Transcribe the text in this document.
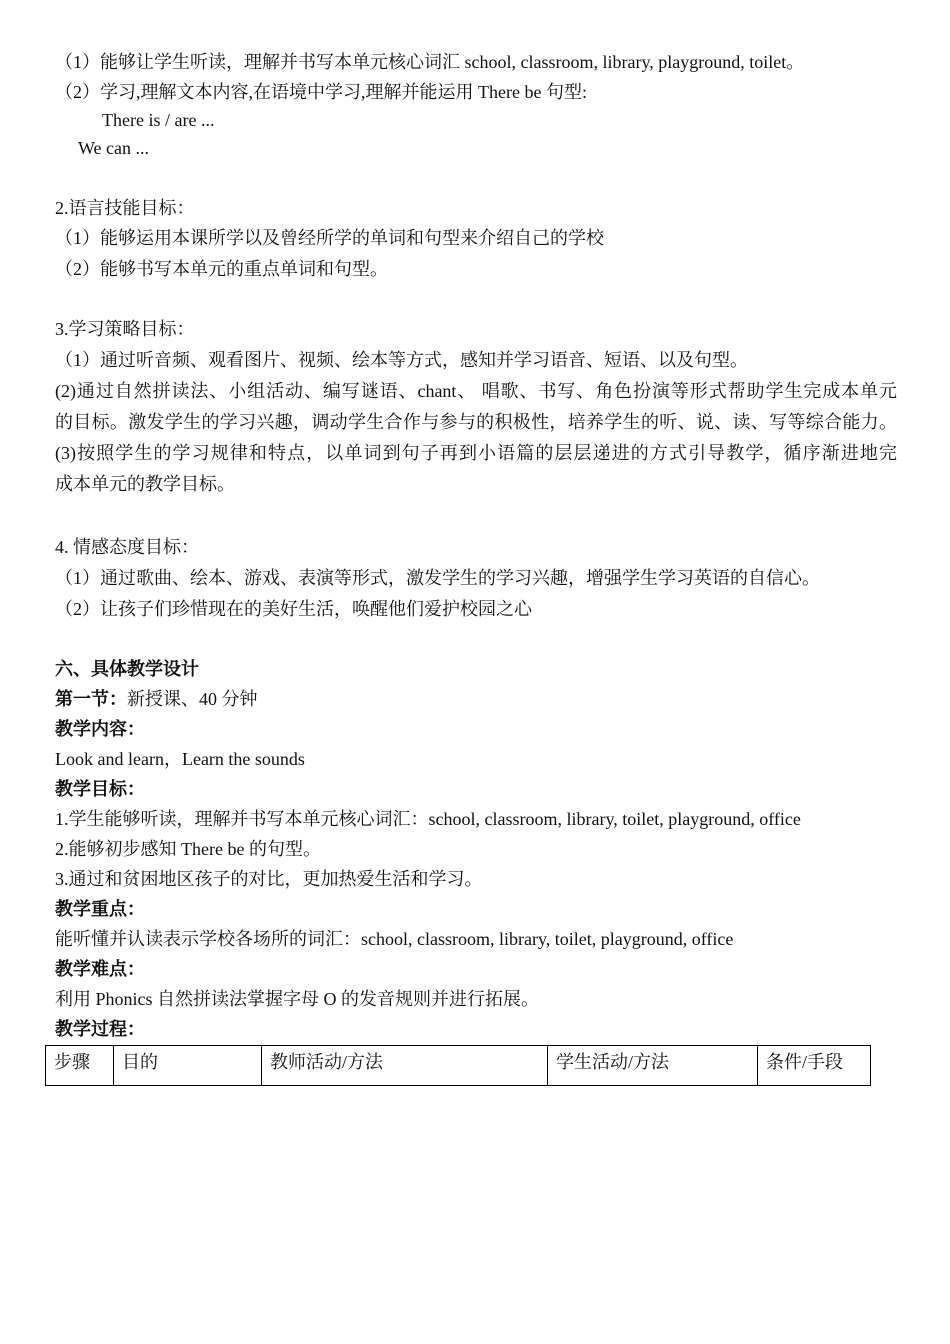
（1）能够让学生听读，理解并书写本单元核心词汇 school, classroom, library, playground, toilet。
（2）学习,理解文本内容,在语境中学习,理解并能运用 There be 句型:
There is / are ...
We can ...
2.语言技能目标：
（1）能够运用本课所学以及曾经所学的单词和句型来介绍自己的学校
（2）能够书写本单元的重点单词和句型。
3.学习策略目标：
（1）通过听音频、观看图片、视频、绘本等方式，感知并学习语音、短语、以及句型。
(2)通过自然拼读法、小组活动、编写谜语、chant、 唱歌、书写、角色扮演等形式帮助学生完成本单元
的目标。激发学生的学习兴趣，调动学生合作与参与的积极性，培养学生的听、说、读、写等综合能力。
(3)按照学生的学习规律和特点，以单词到句子再到小语篇的层层递进的方式引导教学，循序渐进地完
成本单元的教学目标。
4. 情感态度目标：
（1）通过歌曲、绘本、游戏、表演等形式，激发学生的学习兴趣，增强学生学习英语的自信心。
（2）让孩子们珍惜现在的美好生活，唤醒他们爱护校园之心
六、具体教学设计
第一节：新授课、40 分钟
教学内容：
Look and learn，Learn the sounds
教学目标：
1.学生能够听读，理解并书写本单元核心词汇：school, classroom, library, toilet, playground, office
2.能够初步感知 There be 的句型。
3.通过和贫困地区孩子的对比，更加热爱生活和学习。
教学重点：
能听懂并认读表示学校各场所的词汇：school, classroom, library, toilet, playground, office
教学难点：
利用 Phonics 自然拼读法掌握字母 O 的发音规则并进行拓展。
教学过程：
步骤	目的	教师活动/方法	学生活动/方法	条件/手段
